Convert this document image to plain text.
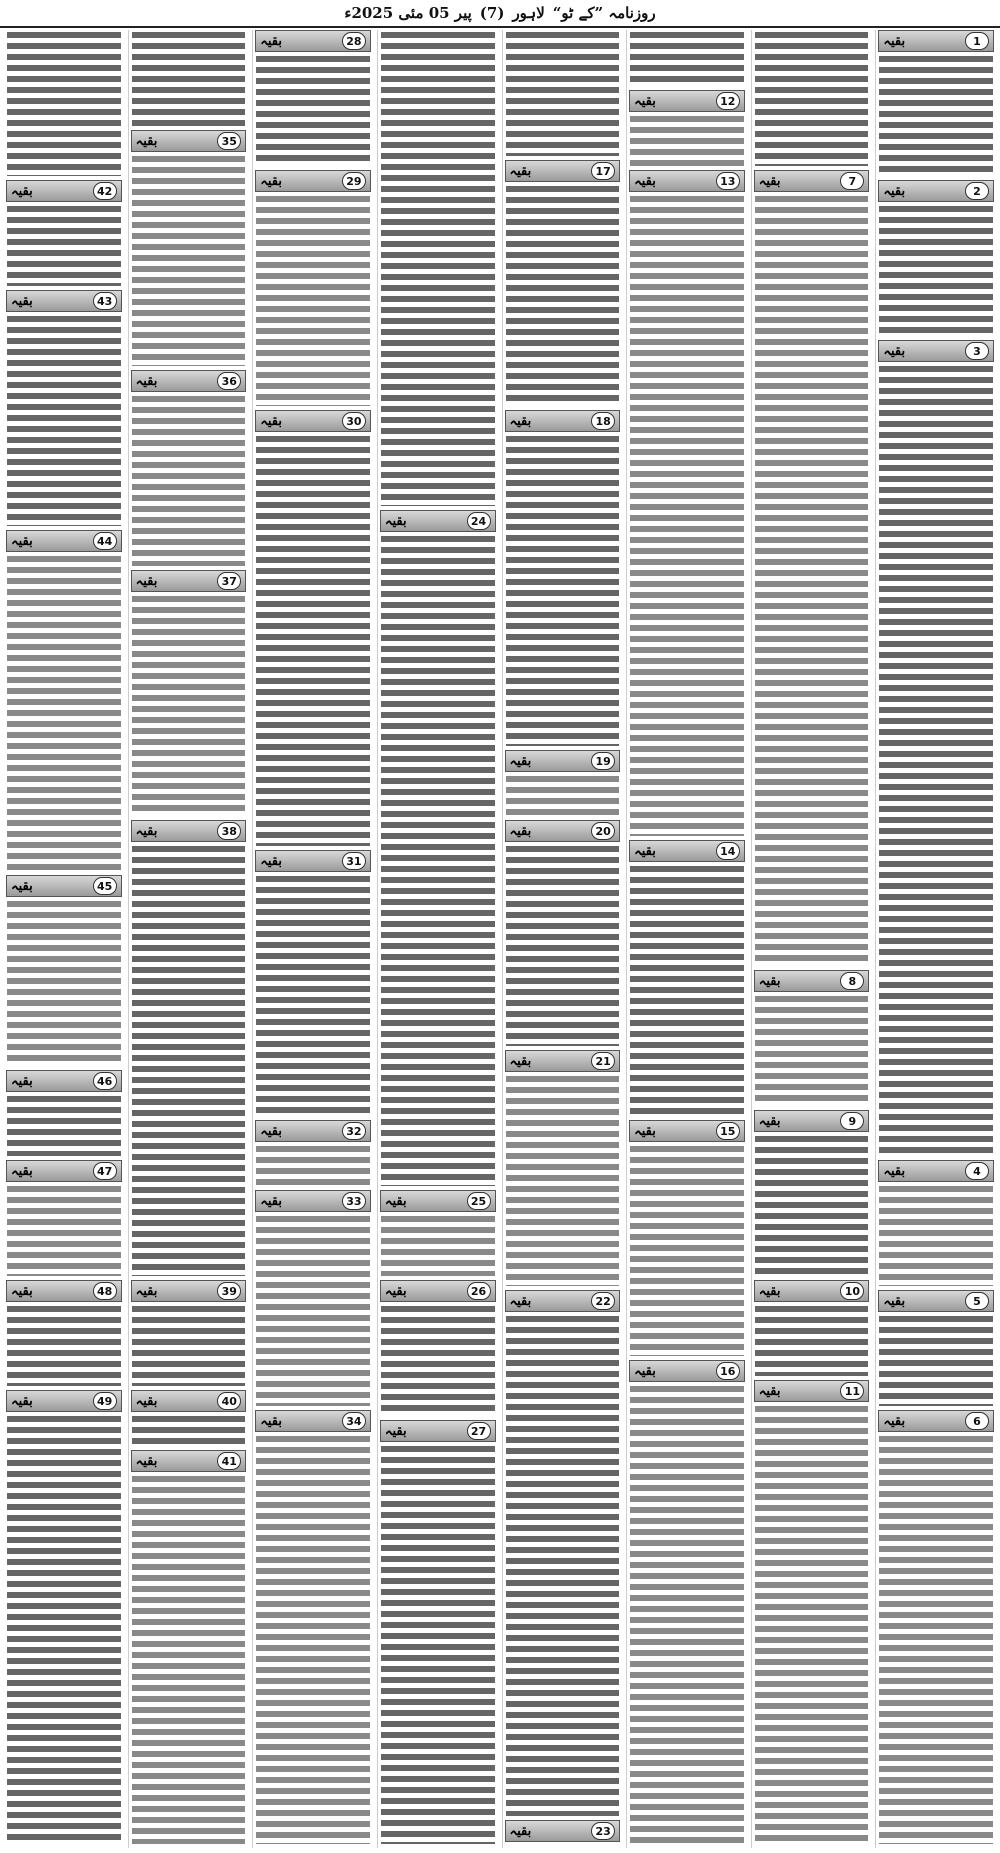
روزنامہ ”کے ٹو“
لاہور
(7)
پیر 05 مئی 2025ء
1
بقیہ
2
بقیہ
3
بقیہ
4
بقیہ
5
بقیہ
6
بقیہ
7
بقیہ
8
بقیہ
9
بقیہ
10
بقیہ
11
بقیہ
12
بقیہ
13
بقیہ
14
بقیہ
15
بقیہ
16
بقیہ
17
بقیہ
18
بقیہ
19
بقیہ
20
بقیہ
21
بقیہ
22
بقیہ
23
بقیہ
24
بقیہ
25
بقیہ
26
بقیہ
27
بقیہ
28
بقیہ
29
بقیہ
30
بقیہ
31
بقیہ
32
بقیہ
33
بقیہ
34
بقیہ
35
بقیہ
36
بقیہ
37
بقیہ
38
بقیہ
39
بقیہ
40
بقیہ
41
بقیہ
42
بقیہ
43
بقیہ
44
بقیہ
45
بقیہ
46
بقیہ
47
بقیہ
48
بقیہ
49
بقیہ
